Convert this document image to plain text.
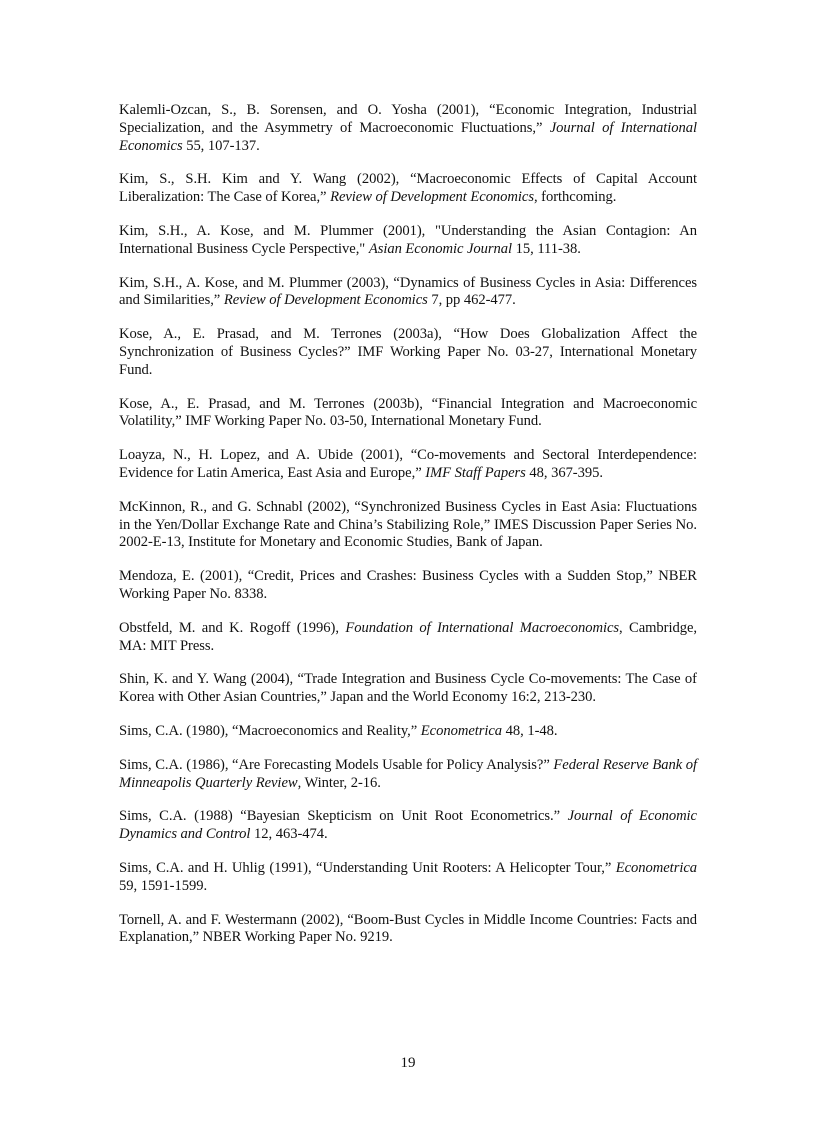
Kalemli-Ozcan, S., B. Sorensen, and O. Yosha (2001), “Economic Integration, Industrial Specialization, and the Asymmetry of Macroeconomic Fluctuations,” Journal of International Economics 55, 107-137.

Kim, S., S.H. Kim and Y. Wang (2002), “Macroeconomic Effects of Capital Account Liberalization: The Case of Korea,” Review of Development Economics, forthcoming.

Kim, S.H., A. Kose, and M. Plummer (2001), "Understanding the Asian Contagion: An International Business Cycle Perspective," Asian Economic Journal 15, 111-38.

Kim, S.H., A. Kose, and M. Plummer (2003), “Dynamics of Business Cycles in Asia: Differences and Similarities,” Review of Development Economics 7, pp 462-477.

Kose, A., E. Prasad, and M. Terrones (2003a), “How Does Globalization Affect the Synchronization of Business Cycles?” IMF Working Paper No. 03-27, International Monetary Fund.

Kose, A., E. Prasad, and M. Terrones (2003b), “Financial Integration and Macroeconomic Volatility,” IMF Working Paper No. 03-50, International Monetary Fund.

Loayza, N., H. Lopez, and A. Ubide (2001), “Co-movements and Sectoral Interdependence: Evidence for Latin America, East Asia and Europe,” IMF Staff Papers 48, 367-395.

McKinnon, R., and G. Schnabl (2002), “Synchronized Business Cycles in East Asia: Fluctuations in the Yen/Dollar Exchange Rate and China’s Stabilizing Role,” IMES Discussion Paper Series No. 2002-E-13, Institute for Monetary and Economic Studies, Bank of Japan.

Mendoza, E. (2001), “Credit, Prices and Crashes: Business Cycles with a Sudden Stop,” NBER Working Paper No. 8338.

Obstfeld, M. and K. Rogoff (1996), Foundation of International Macroeconomics, Cambridge, MA: MIT Press.

Shin, K. and Y. Wang (2004), “Trade Integration and Business Cycle Co-movements: The Case of Korea with Other Asian Countries,” Japan and the World Economy 16:2, 213-230.

Sims, C.A. (1980), “Macroeconomics and Reality,” Econometrica 48, 1-48.

Sims, C.A. (1986), “Are Forecasting Models Usable for Policy Analysis?” Federal Reserve Bank of Minneapolis Quarterly Review, Winter, 2-16.

Sims, C.A. (1988) “Bayesian Skepticism on Unit Root Econometrics.” Journal of Economic Dynamics and Control 12, 463-474.

Sims, C.A. and H. Uhlig (1991), “Understanding Unit Rooters: A Helicopter Tour,” Econometrica 59, 1591-1599.

Tornell, A. and F. Westermann (2002), “Boom-Bust Cycles in Middle Income Countries: Facts and Explanation,” NBER Working Paper No. 9219.

19
